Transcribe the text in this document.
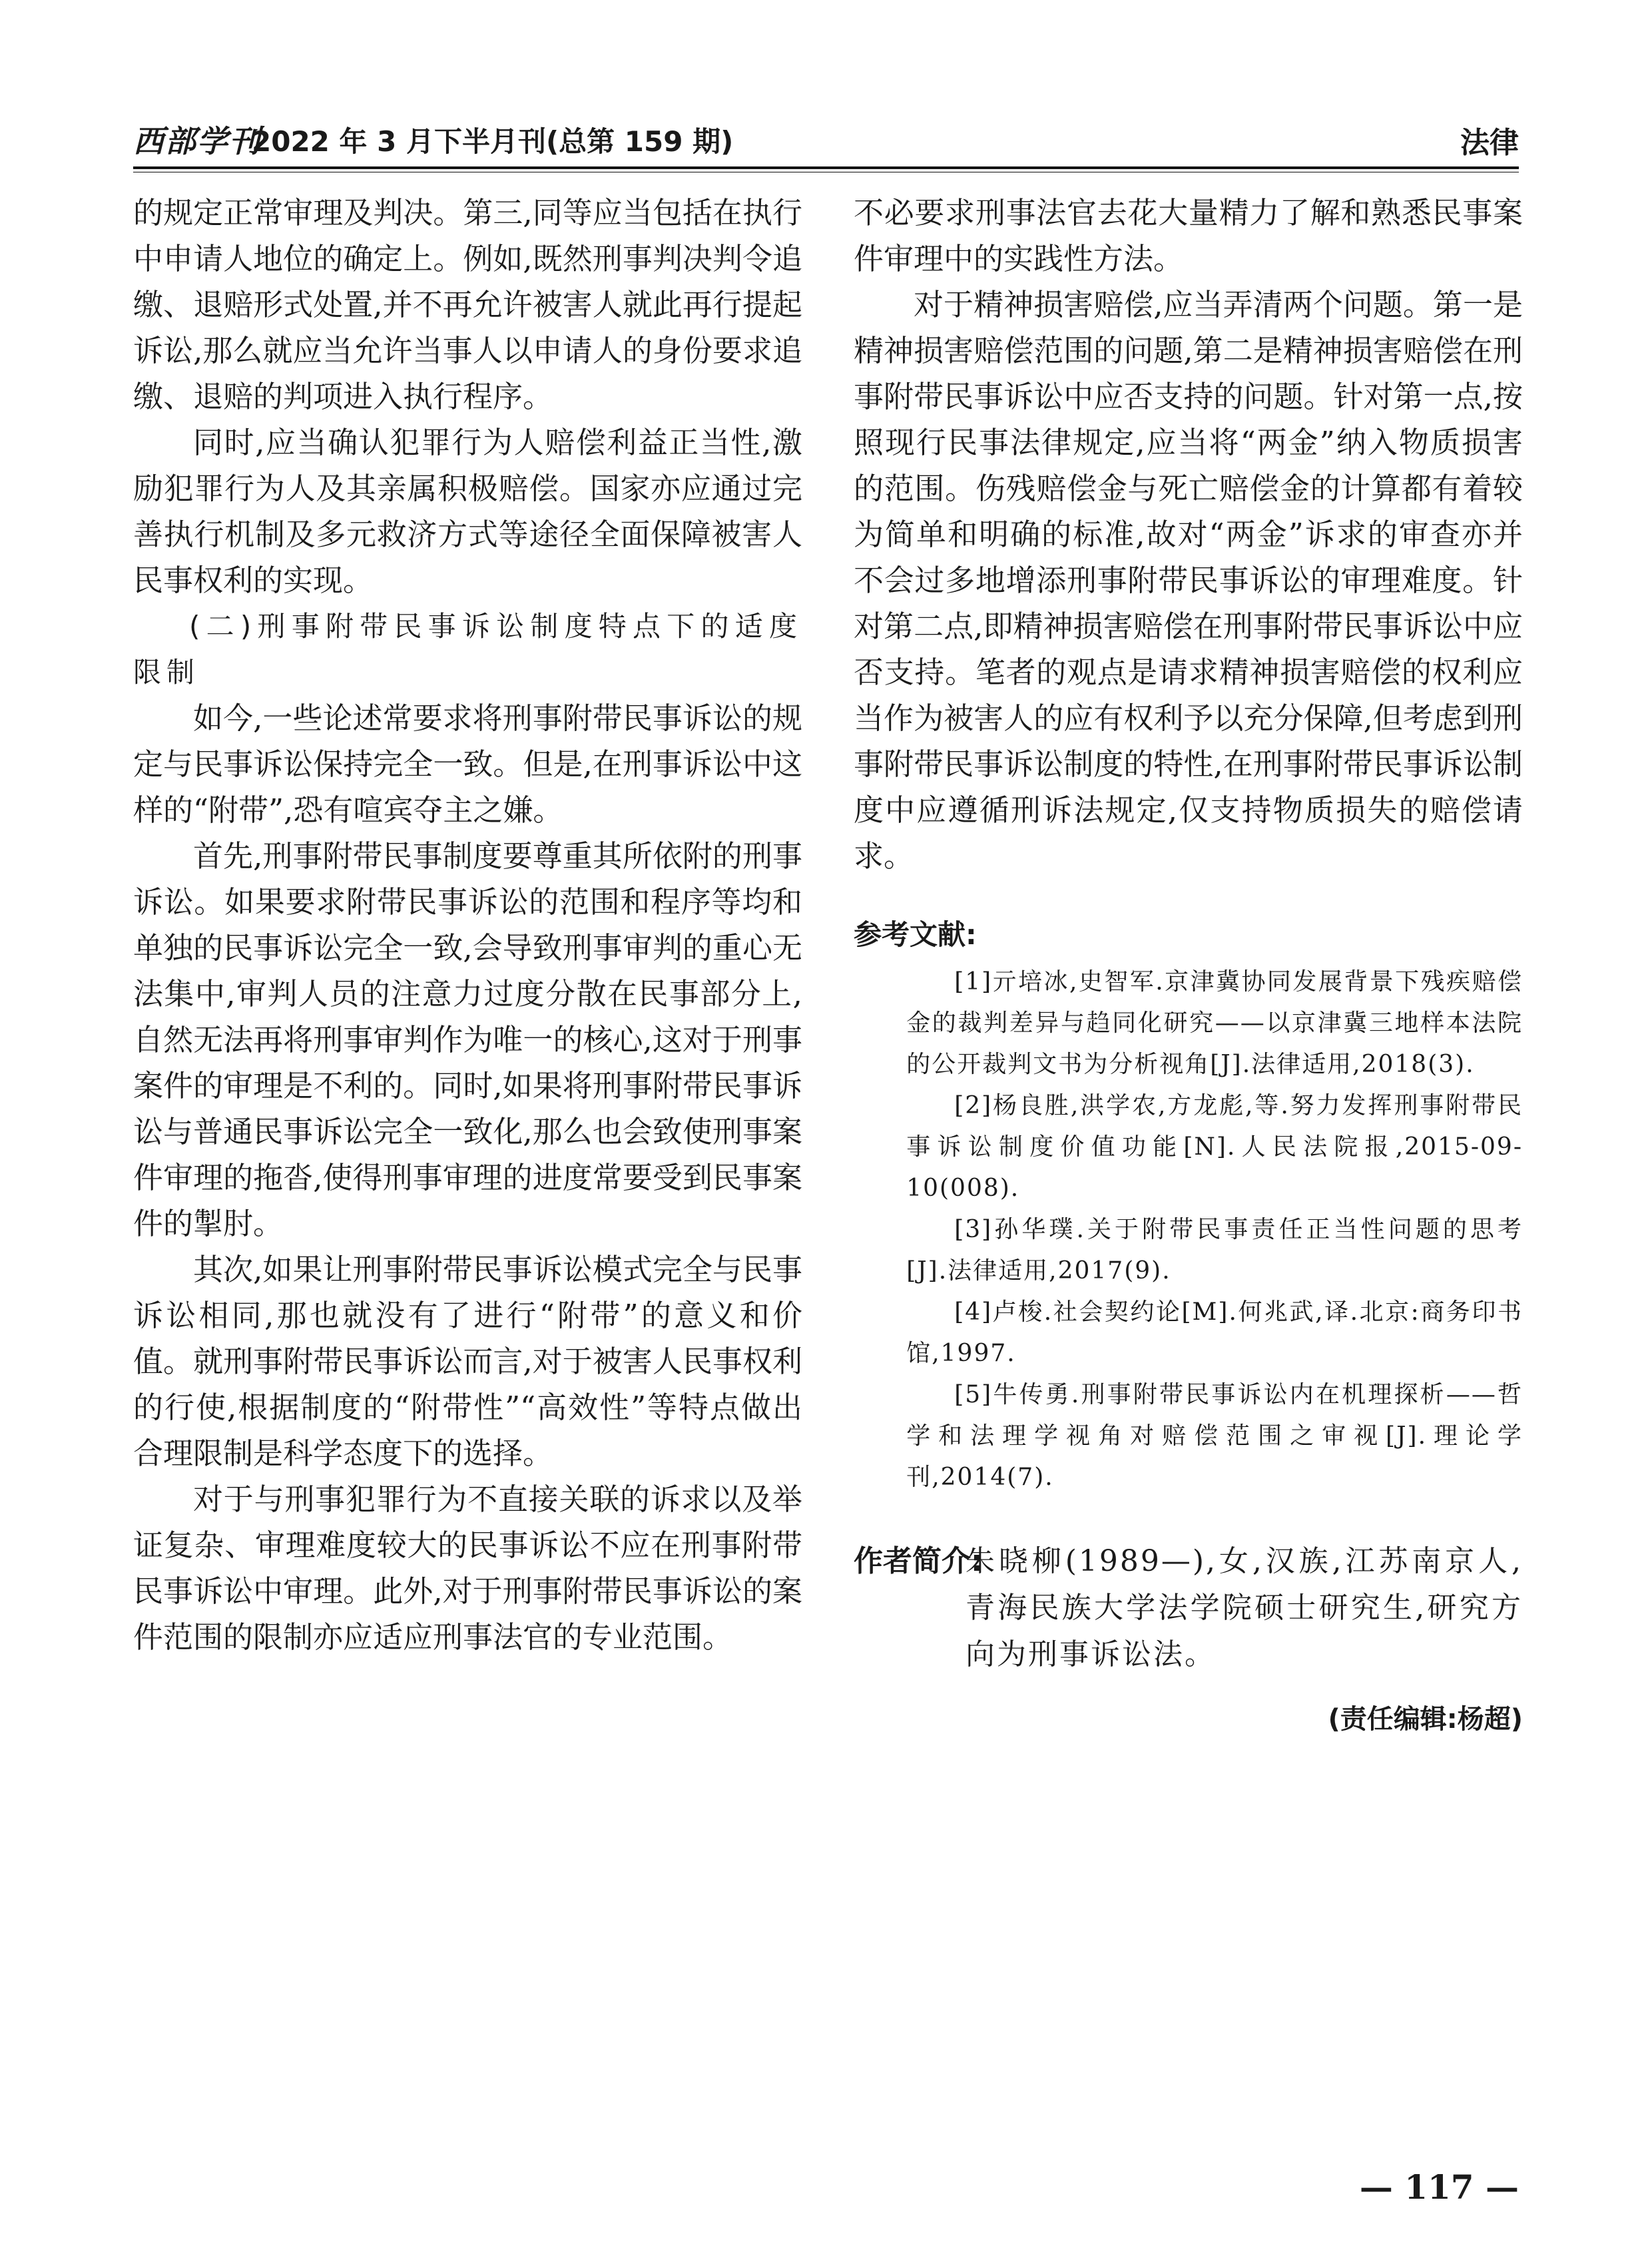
西部学刊
2022 年 3 月下半月刊(总第 159 期)	法律

的规定正常审理及判决。第三,同等应当包括在执行中申请人地位的确定上。例如,既然刑事判决判令追缴、退赔形式处置,并不再允许被害人就此再行提起诉讼,那么就应当允许当事人以申请人的身份要求追缴、退赔的判项进入执行程序。

同时,应当确认犯罪行为人赔偿利益正当性,激励犯罪行为人及其亲属积极赔偿。国家亦应通过完善执行机制及多元救济方式等途径全面保障被害人民事权利的实现。

(二)刑事附带民事诉讼制度特点下的适度限制

如今,一些论述常要求将刑事附带民事诉讼的规定与民事诉讼保持完全一致。但是,在刑事诉讼中这样的“附带”,恐有喧宾夺主之嫌。

首先,刑事附带民事制度要尊重其所依附的刑事诉讼。如果要求附带民事诉讼的范围和程序等均和单独的民事诉讼完全一致,会导致刑事审判的重心无法集中,审判人员的注意力过度分散在民事部分上,自然无法再将刑事审判作为唯一的核心,这对于刑事案件的审理是不利的。同时,如果将刑事附带民事诉讼与普通民事诉讼完全一致化,那么也会致使刑事案件审理的拖沓,使得刑事审理的进度常要受到民事案件的掣肘。

其次,如果让刑事附带民事诉讼模式完全与民事诉讼相同,那也就没有了进行“附带”的意义和价值。就刑事附带民事诉讼而言,对于被害人民事权利的行使,根据制度的“附带性”“高效性”等特点做出合理限制是科学态度下的选择。

对于与刑事犯罪行为不直接关联的诉求以及举证复杂、审理难度较大的民事诉讼不应在刑事附带民事诉讼中审理。此外,对于刑事附带民事诉讼的案件范围的限制亦应适应刑事法官的专业范围。

不必要求刑事法官去花大量精力了解和熟悉民事案件审理中的实践性方法。

对于精神损害赔偿,应当弄清两个问题。第一是精神损害赔偿范围的问题,第二是精神损害赔偿在刑事附带民事诉讼中应否支持的问题。针对第一点,按照现行民事法律规定,应当将“两金”纳入物质损害的范围。伤残赔偿金与死亡赔偿金的计算都有着较为简单和明确的标准,故对“两金”诉求的审查亦并不会过多地增添刑事附带民事诉讼的审理难度。针对第二点,即精神损害赔偿在刑事附带民事诉讼中应否支持。笔者的观点是请求精神损害赔偿的权利应当作为被害人的应有权利予以充分保障,但考虑到刑事附带民事诉讼制度的特性,在刑事附带民事诉讼制度中应遵循刑诉法规定,仅支持物质损失的赔偿请求。

参考文献:

[1]亓培冰,史智军.京津冀协同发展背景下残疾赔偿金的裁判差异与趋同化研究——以京津冀三地样本法院的公开裁判文书为分析视角[J].法律适用,2018(3).

[2]杨良胜,洪学农,方龙彪,等.努力发挥刑事附带民事诉讼制度价值功能[N].人民法院报,2015-09-10(008).

[3]孙华璞.关于附带民事责任正当性问题的思考[J].法律适用,2017(9).

[4]卢梭.社会契约论[M].何兆武,译.北京:商务印书馆,1997.

[5]牛传勇.刑事附带民事诉讼内在机理探析——哲学和法理学视角对赔偿范围之审视[J].理论学刊,2014(7).

作者简介:
朱晓柳(1989—),女,汉族,江苏南京人,青海民族大学法学院硕士研究生,研究方向为刑事诉讼法。
(责任编辑:杨超)
— 117 —
